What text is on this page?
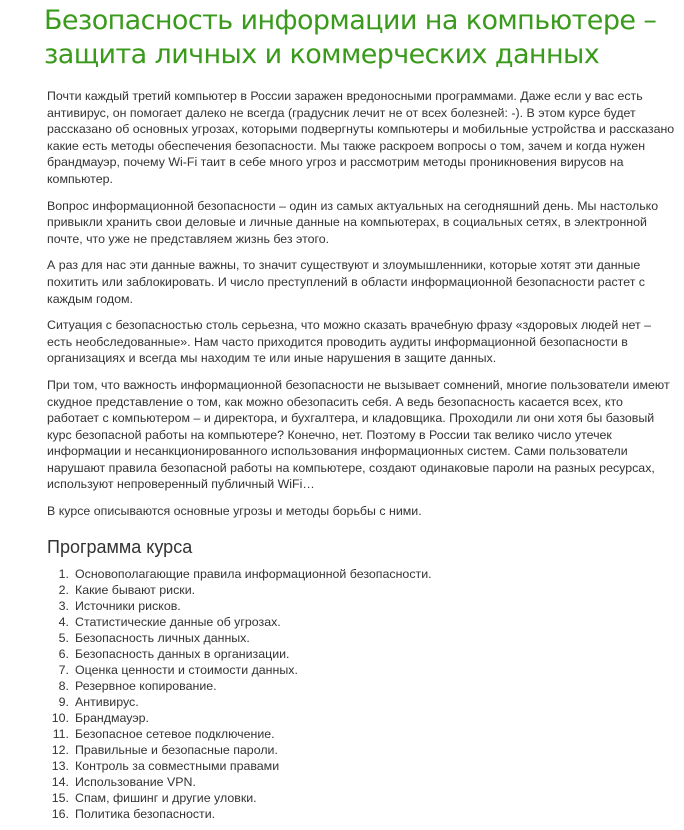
Безопасность информации на компьютере – защита личных и коммерческих данных

Почти каждый третий компьютер в России заражен вредоносными программами. Даже если у вас есть антивирус, он помогает далеко не всегда (градусник лечит не от всех болезней: -). В этом курсе будет рассказано об основных угрозах, которыми подвергнуты компьютеры и мобильные устройства и рассказано какие есть методы обеспечения безопасности. Мы также раскроем вопросы о том, зачем и когда нужен брандмауэр, почему Wi-Fi таит в себе много угроз и рассмотрим методы проникновения вирусов на компьютер.

Вопрос информационной безопасности – один из самых актуальных на сегодняшний день. Мы настолько привыкли хранить свои деловые и личные данные на компьютерах, в социальных сетях, в электронной почте, что уже не представляем жизнь без этого.

А раз для нас эти данные важны, то значит существуют и злоумышленники, которые хотят эти данные похитить или заблокировать. И число преступлений в области информационной безопасности растет с каждым годом.

Ситуация с безопасностью столь серьезна, что можно сказать врачебную фразу «здоровых людей нет – есть необследованные». Нам часто приходится проводить аудиты информационной безопасности в организациях и всегда мы находим те или иные нарушения в защите данных.

При том, что важность информационной безопасности не вызывает сомнений, многие пользователи имеют скудное представление о том, как можно обезопасить себя. А ведь безопасность касается всех, кто работает с компьютером – и директора, и бухгалтера, и кладовщика. Проходили ли они хотя бы базовый курс безопасной работы на компьютере? Конечно, нет. Поэтому в России так велико число утечек информации и несанкционированного использования информационных систем. Сами пользователи нарушают правила безопасной работы на компьютере, создают одинаковые пароли на разных ресурсах, используют непроверенный публичный WiFi…

В курсе описываются основные угрозы и методы борьбы с ними.

Программа курса
1. Основополагающие правила информационной безопасности.
2. Какие бывают риски.
3. Источники рисков.
4. Статистические данные об угрозах.
5. Безопасность личных данных.
6. Безопасность данных в организации.
7. Оценка ценности и стоимости данных.
8. Резервное копирование.
9. Антивирус.
10. Брандмауэр.
11. Безопасное сетевое подключение.
12. Правильные и безопасные пароли.
13. Контроль за совместными правами
14. Использование VPN.
15. Спам, фишинг и другие уловки.
16. Политика безопасности.
